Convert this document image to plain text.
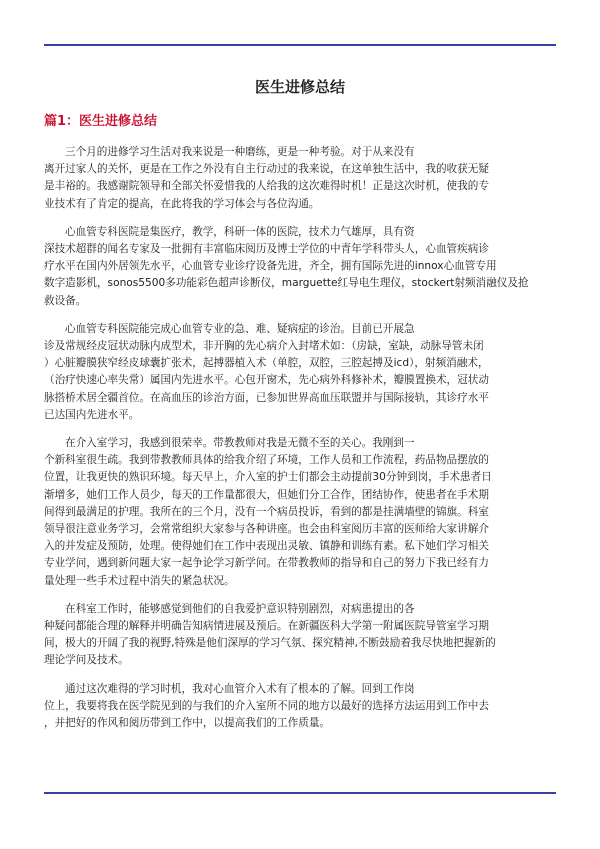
医生进修总结
篇1：医生进修总结
三个月的进修学习生活对我来说是一种磨练，更是一种考验。对于从来没有
离开过家人的关怀，更是在工作之外没有自主行动过的我来说，在这单独生活中，我的收获无疑
是丰裕的。我感谢院领导和全部关怀爱惜我的人给我的这次难得时机！正是这次时机，使我的专
业技术有了肯定的提高，在此将我的学习体会与各位沟通。
心血管专科医院是集医疗，教学，科研一体的医院，技术力气雄厚，具有资
深技术超群的闻名专家及一批拥有丰富临床阅历及博士学位的中青年学科带头人，心血管疾病诊
疗水平在国内外居领先水平，心血管专业诊疗设备先进，齐全，拥有国际先进的innox心血管专用
数字造影机，sonos5500多功能彩色超声诊断仪，marguette红导电生理仪，stockert射频消融仪及抢
救设备。
心血管专科医院能完成心血管专业的急、难、疑病症的诊治。目前已开展急
诊及常规经皮冠状动脉内成型术，非开胸的先心病介入封堵术如：（房缺，室缺，动脉导管未闭
）心脏瓣膜狭窄经皮球囊扩张术，起搏器植入术（单腔，双腔，三腔起搏及icd），射频消融术，
（治疗快速心率失常）属国内先进水平。心包开窗术，先心病外科修补术，瓣膜置换术，冠状动
脉搭桥术居全疆首位。在高血压的诊治方面，已参加世界高血压联盟并与国际接轨，其诊疗水平
已达国内先进水平。
在介入室学习，我感到很荣幸。带教教师对我是无微不至的关心。我刚到一
个新科室很生疏。我到带教教师具体的给我介绍了环境，工作人员和工作流程，药品物品摆放的
位置，让我更快的熟识环境。每天早上，介入室的护士们都会主动提前30分钟到岗，手术患者日
渐增多，她们工作人员少，每天的工作量都很大，但她们分工合作，团结协作，使患者在手术期
间得到最满足的护理。我所在的三个月，没有一个病员投诉，看到的都是挂满墙壁的锦旗。科室
领导很注意业务学习，会常常组织大家参与各种讲座。也会由科室阅历丰富的医师给大家讲解介
入的并发症及预防，处理。使得她们在工作中表现出灵敏、镇静和训练有素。私下她们学习相关
专业学问，遇到新问题大家一起争论学习新学问。在带教教师的指导和自己的努力下我已经有力
量处理一些手术过程中消失的紧急状况。
在科室工作时，能够感觉到他们的自我爱护意识特别剧烈，对病患提出的各
种疑问都能合理的解释并明确告知病情进展及预后。在新疆医科大学第一附属医院导管室学习期
间，极大的开阔了我的视野,特殊是他们深厚的学习气氛、探究精神,不断鼓励着我尽快地把握新的
理论学问及技术。
通过这次难得的学习时机，我对心血管介入术有了根本的了解。回到工作岗
位上，我要将我在医学院见到的与我们的介入室所不同的地方以最好的选择方法运用到工作中去
，并把好的作风和阅历带到工作中，以提高我们的工作质量。
